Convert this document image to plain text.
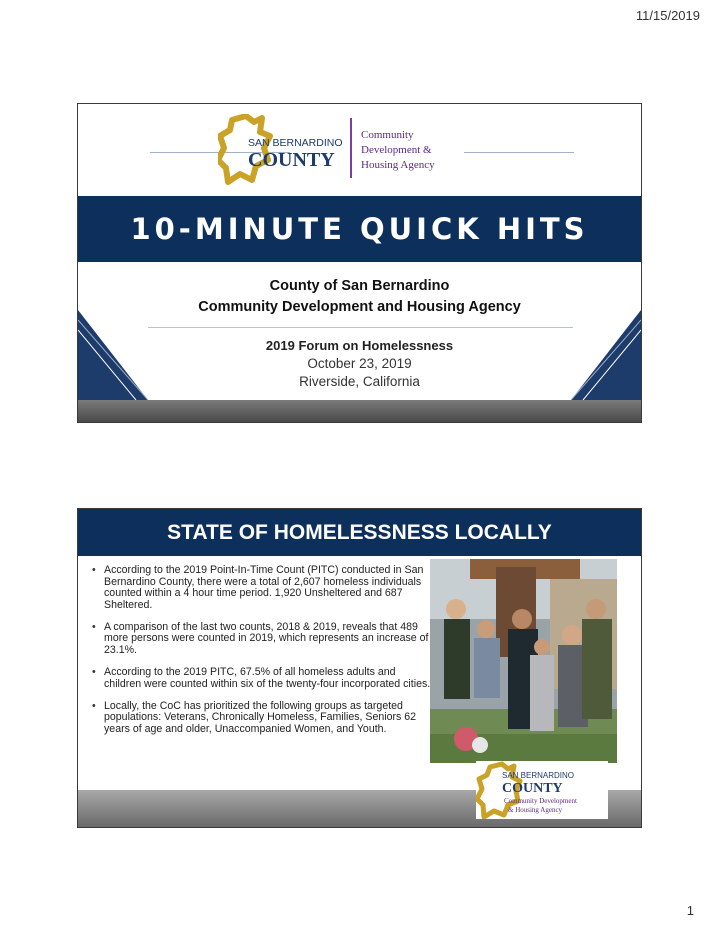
11/15/2019
SAN BERNARDINO
COUNTY
Community
Development &
Housing Agency
10-MINUTE QUICK HITS
County of San Bernardino
Community Development and Housing Agency
2019 Forum on Homelessness
October 23, 2019
Riverside, California
STATE OF HOMELESSNESS LOCALLY
• According to the 2019 Point-In-Time Count (PITC) conducted in San Bernardino County, there were a total of 2,607 homeless individuals counted within a 4 hour time period. 1,920 Unsheltered and 687 Sheltered.
• A comparison of the last two counts, 2018 & 2019, reveals that 489 more persons were counted in 2019, which represents an increase of 23.1%.
• According to the 2019 PITC, 67.5% of all homeless adults and children were counted within six of the twenty-four incorporated cities.
• Locally, the CoC has prioritized the following groups as targeted populations: Veterans, Chronically Homeless, Families, Seniors 62 years of age and older, Unaccompanied Women, and Youth.
SAN BERNARDINO
COUNTY
Community Development
& Housing Agency
1
